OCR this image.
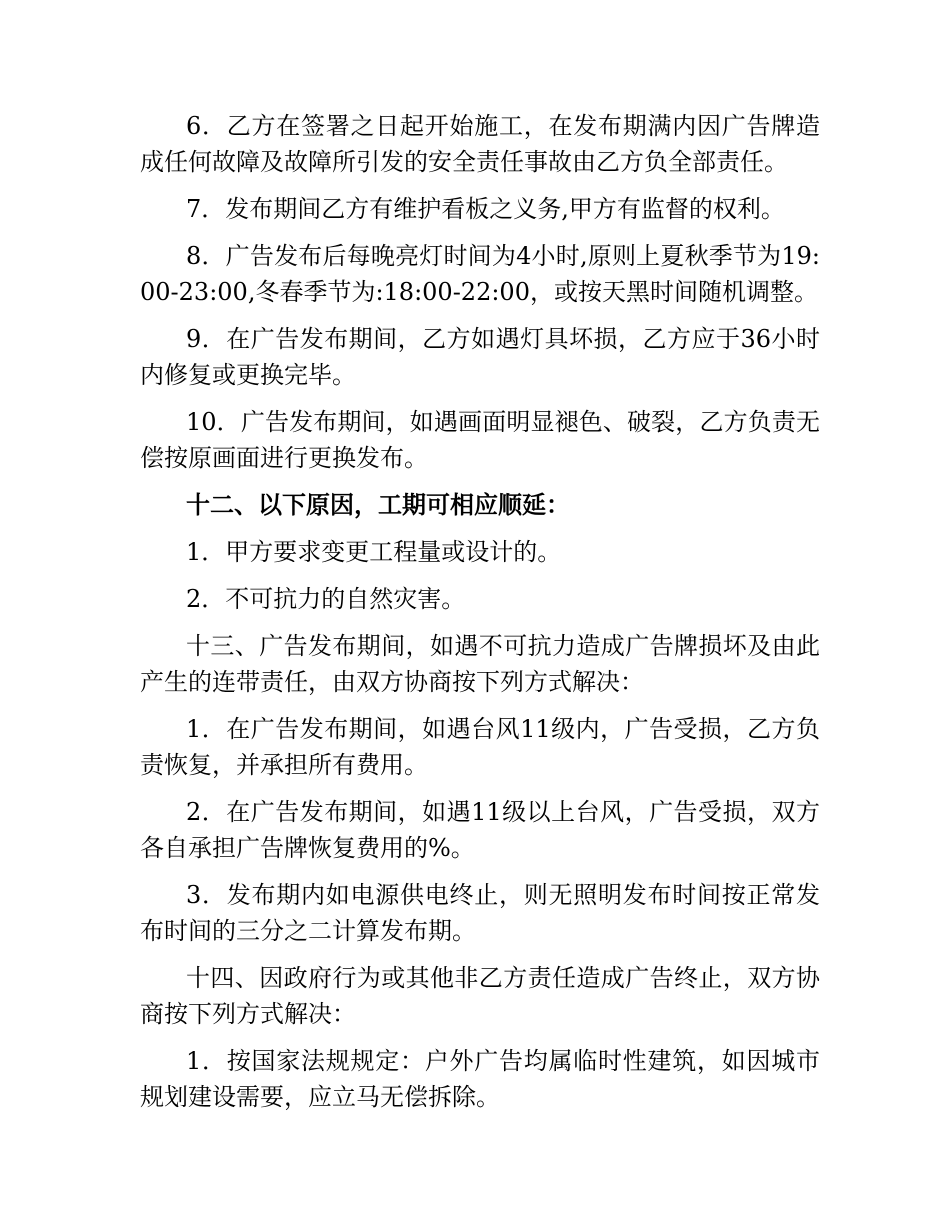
6．乙方在签署之日起开始施工，在发布期满内因广告牌造成任何故障及故障所引发的安全责任事故由乙方负全部责任。

7．发布期间乙方有维护看板之义务,甲方有监督的权利。

8．广告发布后每晚亮灯时间为4小时,原则上夏秋季节为19:00-23:00,冬春季节为:18:00-22:00，或按天黑时间随机调整。

9．在广告发布期间，乙方如遇灯具坏损，乙方应于36小时内修复或更换完毕。

10．广告发布期间，如遇画面明显褪色、破裂，乙方负责无偿按原画面进行更换发布。

十二、以下原因，工期可相应顺延：

1．甲方要求变更工程量或设计的。

2．不可抗力的自然灾害。

十三、广告发布期间，如遇不可抗力造成广告牌损坏及由此产生的连带责任，由双方协商按下列方式解决：

1．在广告发布期间，如遇台风11级内，广告受损，乙方负责恢复，并承担所有费用。

2．在广告发布期间，如遇11级以上台风，广告受损，双方各自承担广告牌恢复费用的%。

3．发布期内如电源供电终止，则无照明发布时间按正常发布时间的三分之二计算发布期。

十四、因政府行为或其他非乙方责任造成广告终止，双方协商按下列方式解决：

1．按国家法规规定：户外广告均属临时性建筑，如因城市规划建设需要，应立马无偿拆除。
